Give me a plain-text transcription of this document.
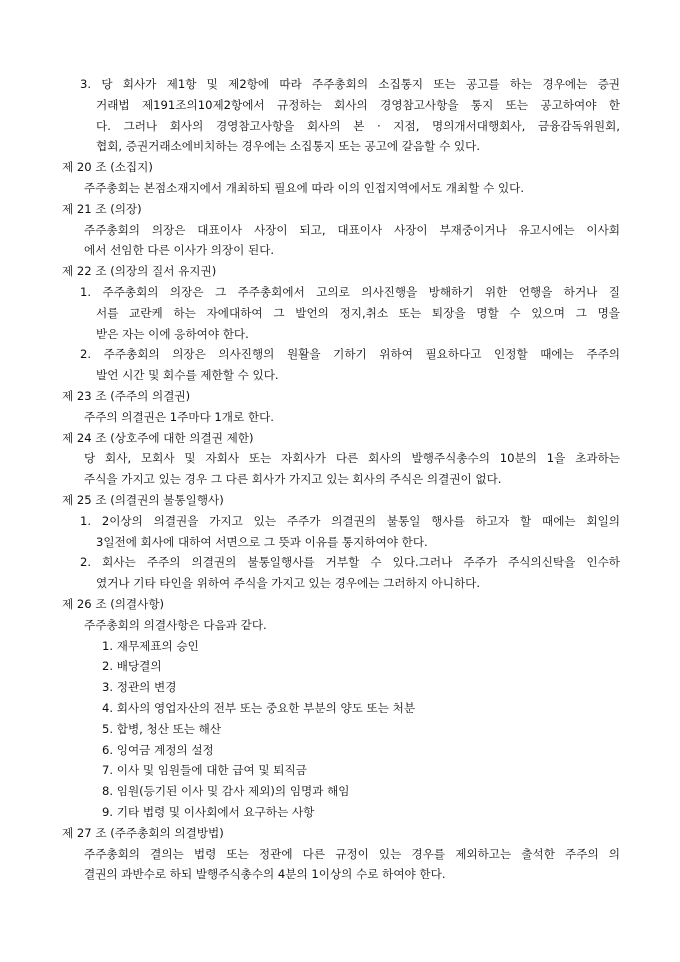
3. 당 회사가 제1항 및 제2항에 따라 주주총회의 소집통지 또는 공고를 하는 경우에는 증권
거래법 제191조의10제2항에서 규정하는 회사의 경영참고사항을 통지 또는 공고하여야 한
다. 그러나 회사의 경영참고사항을 회사의 본 · 지점, 명의개서대행회사, 금융감독위원회,
협회, 증권거래소에비치하는 경우에는 소집통지 또는 공고에 갈음할 수 있다.
제 20 조 (소집지)
주주총회는 본점소재지에서 개최하되 필요에 따라 이의 인접지역에서도 개최할 수 있다.
제 21 조 (의장)
주주총회의 의장은 대표이사 사장이 되고, 대표이사 사장이 부재중이거나 유고시에는 이사회
에서 선임한 다른 이사가 의장이 된다.
제 22 조 (의장의 질서 유지권)
1. 주주총회의 의장은 그 주주총회에서 고의로 의사진행을 방해하기 위한 언행을 하거나 질
서를 교란케 하는 자에대하여 그 발언의 정지,취소 또는 퇴장을 명할 수 있으며 그 명을
받은 자는 이에 응하여야 한다.
2. 주주총회의 의장은 의사진행의 원활을 기하기 위하여 필요하다고 인정할 때에는 주주의
발언 시간 및 회수를 제한할 수 있다.
제 23 조 (주주의 의결권)
주주의 의결권은 1주마다 1개로 한다.
제 24 조 (상호주에 대한 의결권 제한)
당 회사, 모회사 및 자회사 또는 자회사가 다른 회사의 발행주식총수의 10분의 1을 초과하는
주식을 가지고 있는 경우 그 다른 회사가 가지고 있는 회사의 주식은 의결권이 없다.
제 25 조 (의결권의 불통일행사)
1. 2이상의 의결권을 가지고 있는 주주가 의결권의 불통일 행사를 하고자 할 때에는 회일의
3일전에 회사에 대하여 서면으로 그 뜻과 이유를 통지하여야 한다.
2. 회사는 주주의 의결권의 불통일행사를 거부할 수 있다.그러나 주주가 주식의신탁을 인수하
였거나 기타 타인을 위하여 주식을 가지고 있는 경우에는 그러하지 아니하다.
제 26 조 (의결사항)
주주총회의 의결사항은 다음과 같다.
1. 재무제표의 승인
2. 배당결의
3. 정관의 변경
4. 회사의 영업자산의 전부 또는 중요한 부분의 양도 또는 처분
5. 합병, 청산 또는 해산
6. 잉여금 계정의 설정
7. 이사 및 임원들에 대한 급여 및 퇴직금
8. 임원(등기된 이사 및 감사 제외)의 임명과 해임
9. 기타 법령 및 이사회에서 요구하는 사항
제 27 조 (주주총회의 의결방법)
주주총회의 결의는 법령 또는 정관에 다른 규정이 있는 경우를 제외하고는 출석한 주주의 의
결권의 과반수로 하되 발행주식총수의 4분의 1이상의 수로 하여야 한다.
